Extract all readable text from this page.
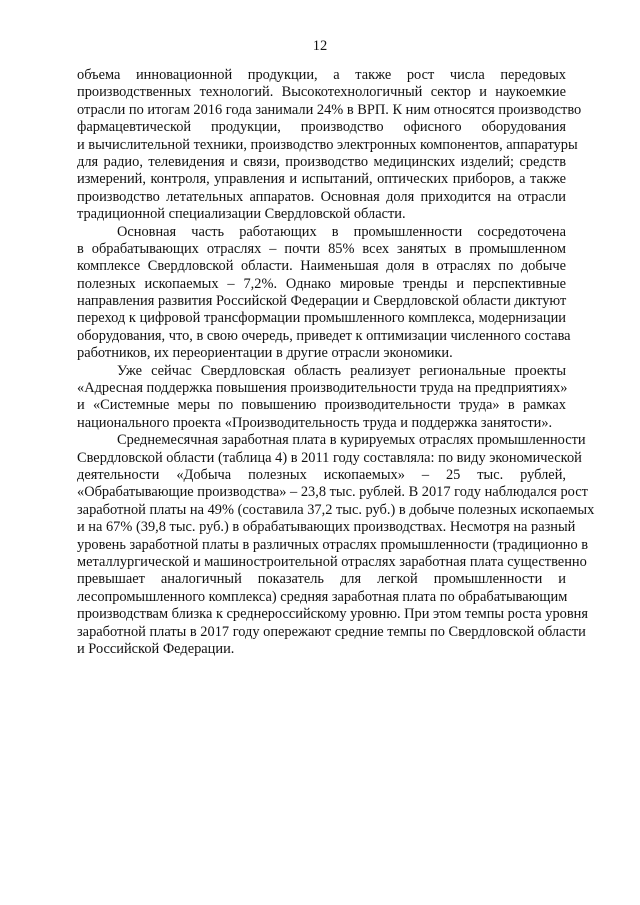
12
объема инновационной продукции, а также рост числа передовых
производственных технологий. Высокотехнологичный сектор и наукоемкие
отрасли по итогам 2016 года занимали 24% в ВРП. К ним относятся производство
фармацевтической продукции, производство офисного оборудования
и вычислительной техники, производство электронных компонентов, аппаратуры
для радио, телевидения и связи, производство медицинских изделий; средств
измерений, контроля, управления и испытаний, оптических приборов, а также
производство летательных аппаратов. Основная доля приходится на отрасли
традиционной специализации Свердловской области.
Основная часть работающих в промышленности сосредоточена
в обрабатывающих отраслях – почти 85% всех занятых в промышленном
комплексе Свердловской области. Наименьшая доля в отраслях по добыче
полезных ископаемых – 7,2%. Однако мировые тренды и перспективные
направления развития Российской Федерации и Свердловской области диктуют
переход к цифровой трансформации промышленного комплекса, модернизации
оборудования, что, в свою очередь, приведет к оптимизации численного состава
работников, их переориентации в другие отрасли экономики.
Уже сейчас Свердловская область реализует региональные проекты
«Адресная поддержка повышения производительности труда на предприятиях»
и «Системные меры по повышению производительности труда» в рамках
национального проекта «Производительность труда и поддержка занятости».
Среднемесячная заработная плата в курируемых отраслях промышленности
Свердловской области (таблица 4) в 2011 году составляла: по виду экономической
деятельности «Добыча полезных ископаемых» – 25 тыс. рублей,
«Обрабатывающие производства» – 23,8 тыс. рублей. В 2017 году наблюдался рост
заработной платы на 49% (составила 37,2 тыс. руб.) в добыче полезных ископаемых
и на 67% (39,8 тыс. руб.) в обрабатывающих производствах. Несмотря на разный
уровень заработной платы в различных отраслях промышленности (традиционно в
металлургической и машиностроительной отраслях заработная плата существенно
превышает аналогичный показатель для легкой промышленности и
лесопромышленного комплекса) средняя заработная плата по обрабатывающим
производствам близка к среднероссийскому уровню. При этом темпы роста уровня
заработной платы в 2017 году опережают средние темпы по Свердловской области
и Российской Федерации.
